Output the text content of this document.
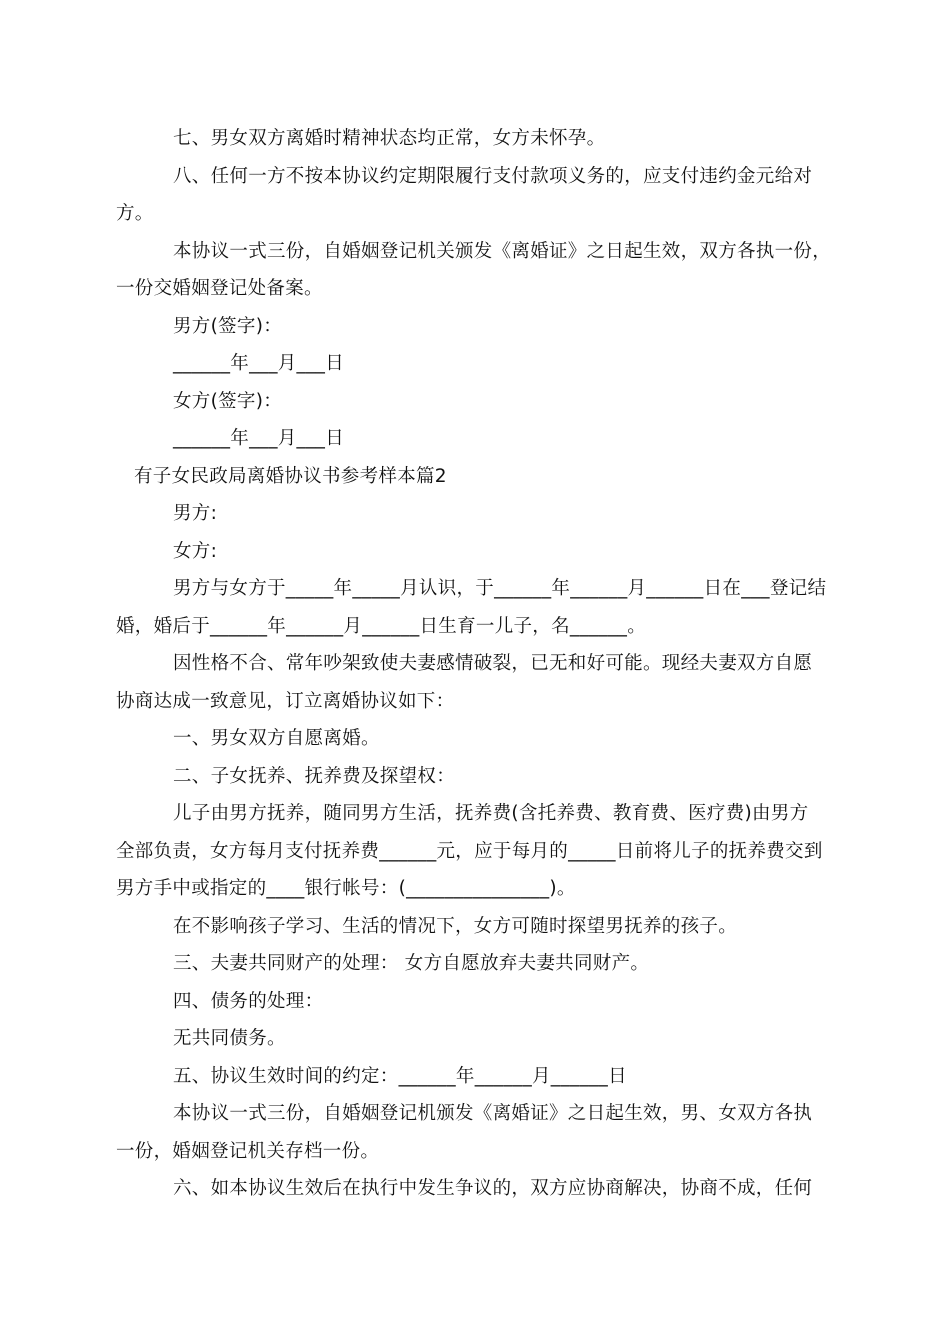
七、男女双方离婚时精神状态均正常，女方未怀孕。
八、任何一方不按本协议约定期限履行支付款项义务的，应支付违约金元给对
方。
本协议一式三份，自婚姻登记机关颁发《离婚证》之日起生效，双方各执一份，
一份交婚姻登记处备案。
男方(签字)：
______年___月___日
女方(签字)：
______年___月___日
有子女民政局离婚协议书参考样本篇2
男方:
女方:
男方与女方于_____年_____月认识，于______年______月______日在___登记结
婚，婚后于______年______月______日生育一儿子，名______。
因性格不合、常年吵架致使夫妻感情破裂，已无和好可能。现经夫妻双方自愿
协商达成一致意见，订立离婚协议如下：
一、男女双方自愿离婚。
二、子女抚养、抚养费及探望权：
儿子由男方抚养，随同男方生活，抚养费(含托养费、教育费、医疗费)由男方
全部负责，女方每月支付抚养费______元，应于每月的_____日前将儿子的抚养费交到
男方手中或指定的____银行帐号：(_______________)。
在不影响孩子学习、生活的情况下，女方可随时探望男抚养的孩子。
三、夫妻共同财产的处理： 女方自愿放弃夫妻共同财产。
四、债务的处理：
无共同债务。
五、协议生效时间的约定：______年______月______日
本协议一式三份，自婚姻登记机颁发《离婚证》之日起生效，男、女双方各执
一份，婚姻登记机关存档一份。
六、如本协议生效后在执行中发生争议的，双方应协商解决，协商不成，任何
